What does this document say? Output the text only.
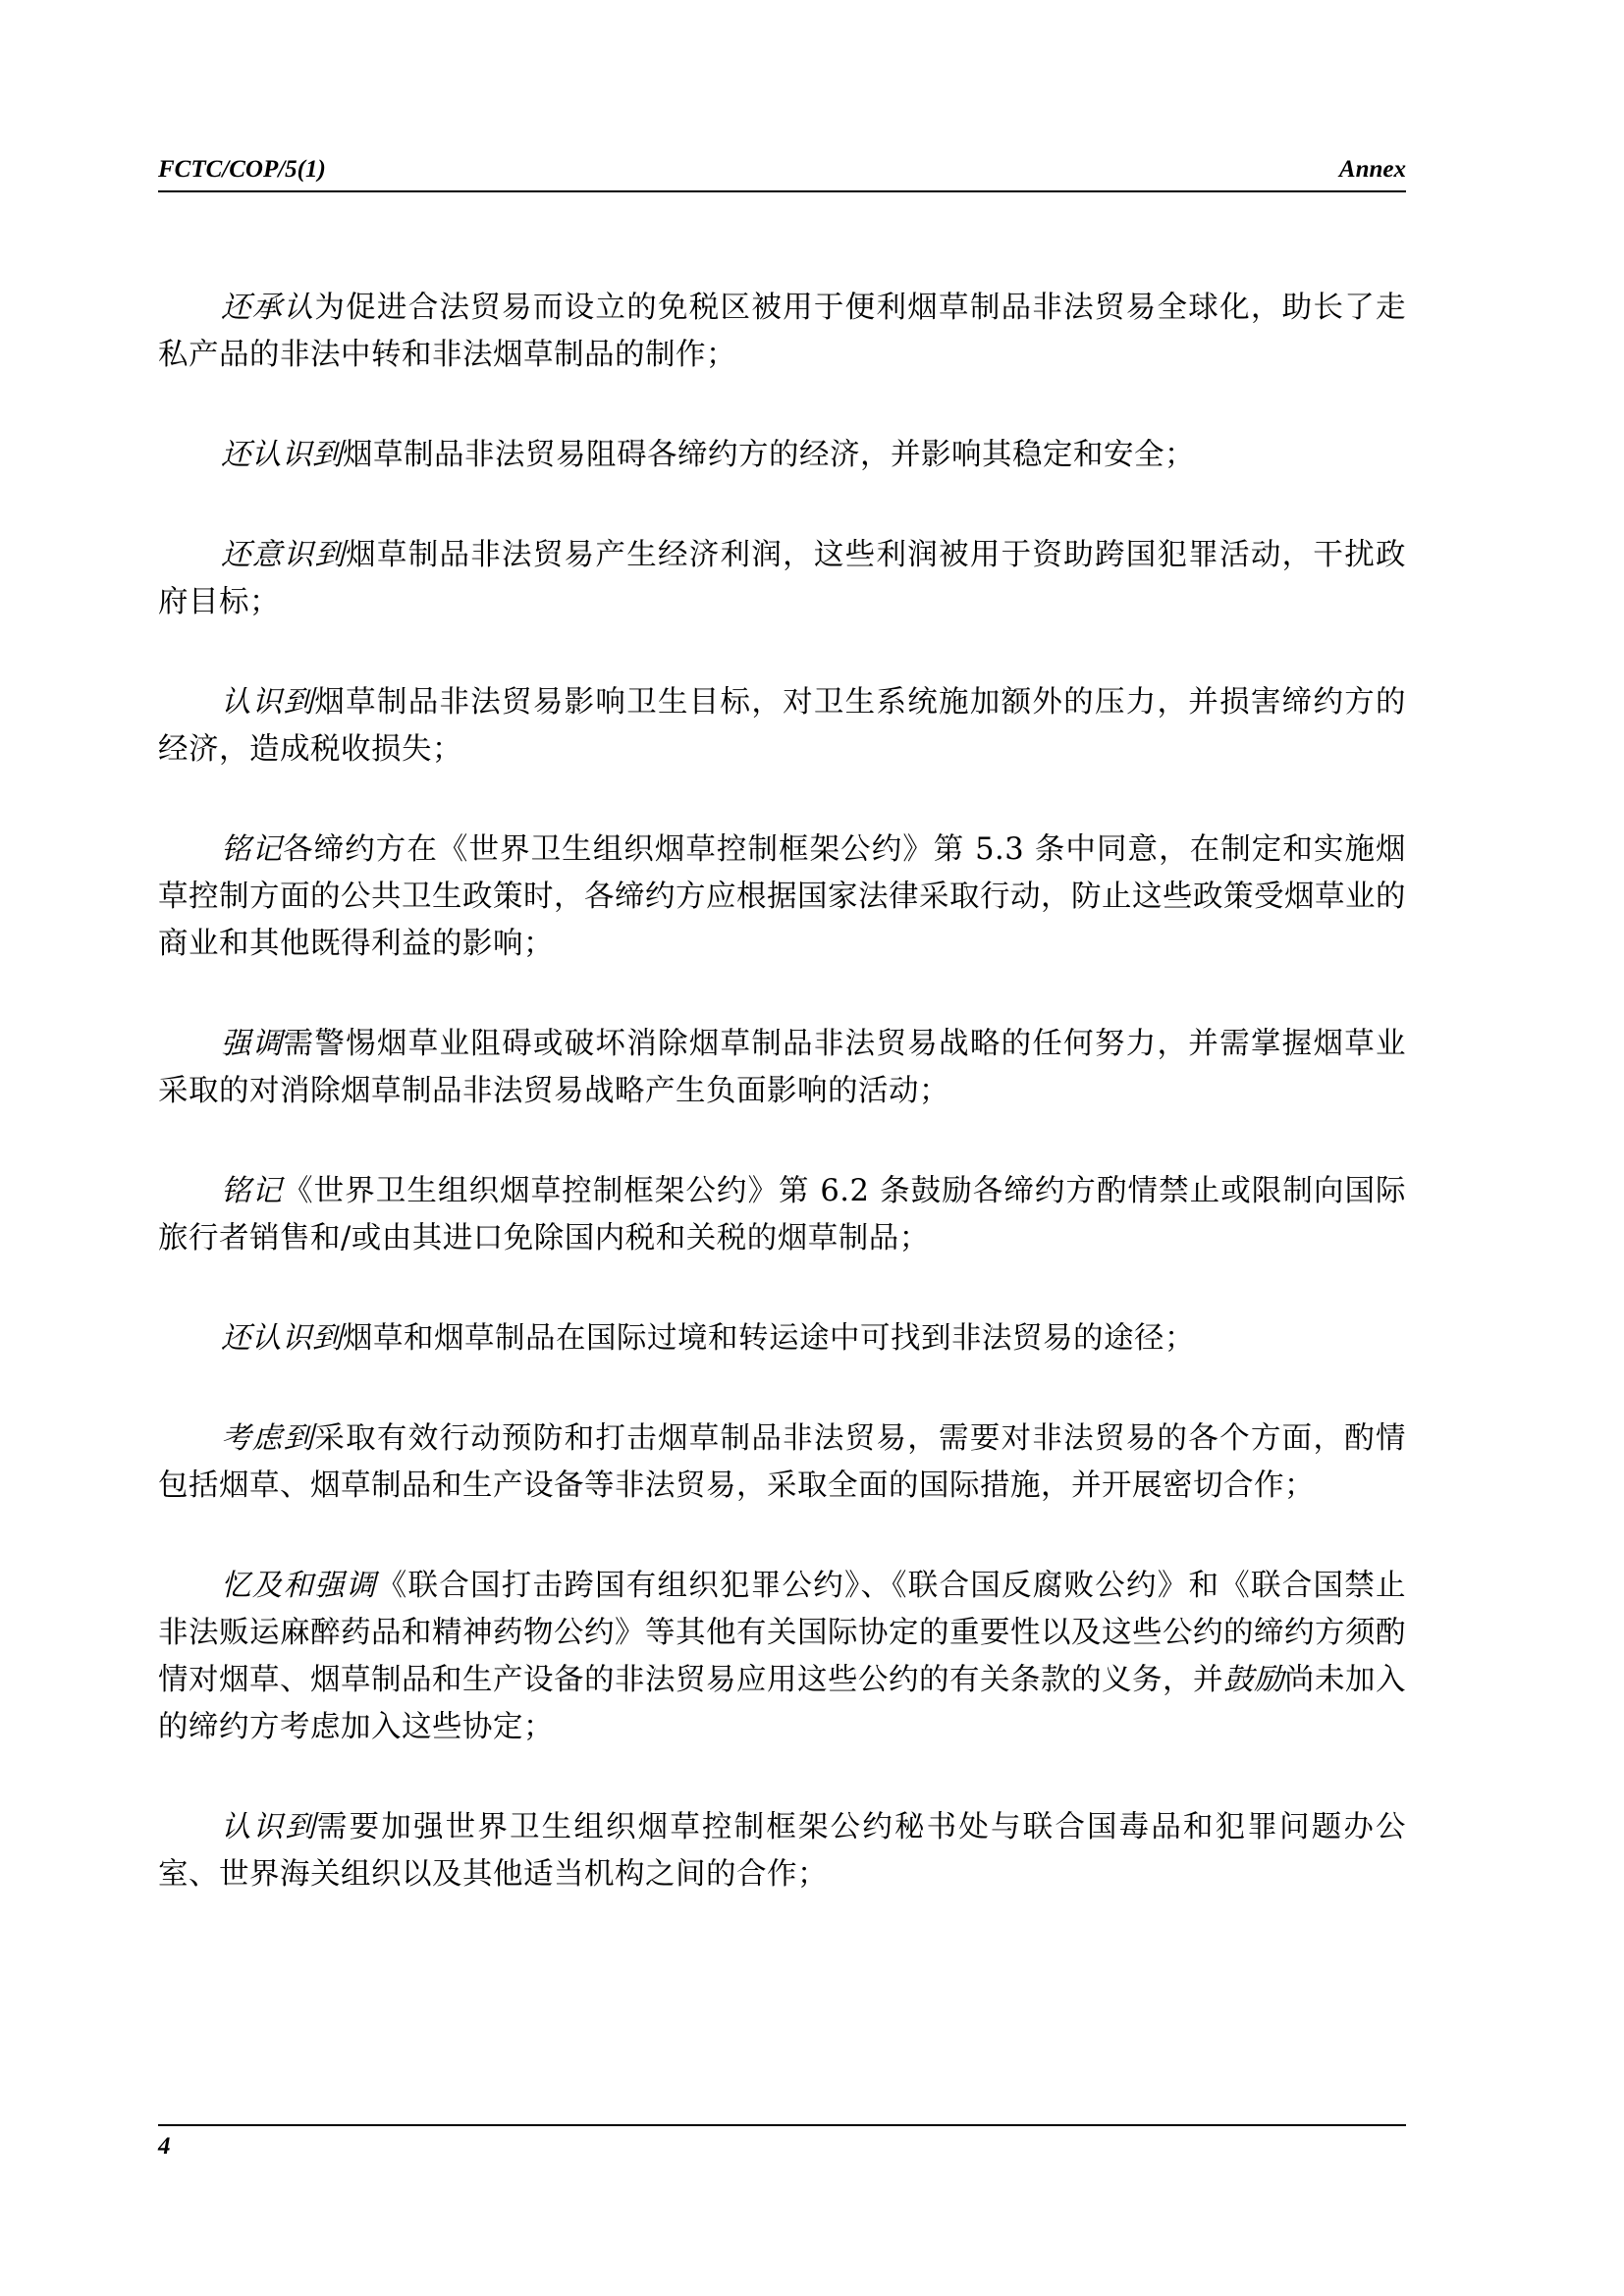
FCTC/COP/5(1)	Annex

还承认为促进合法贸易而设立的免税区被用于便利烟草制品非法贸易全球化，助长了走私产品的非法中转和非法烟草制品的制作；

还认识到烟草制品非法贸易阻碍各缔约方的经济，并影响其稳定和安全；

还意识到烟草制品非法贸易产生经济利润，这些利润被用于资助跨国犯罪活动，干扰政府目标；

认识到烟草制品非法贸易影响卫生目标，对卫生系统施加额外的压力，并损害缔约方的经济，造成税收损失；

铭记各缔约方在《世界卫生组织烟草控制框架公约》第 5.3 条中同意，在制定和实施烟草控制方面的公共卫生政策时，各缔约方应根据国家法律采取行动，防止这些政策受烟草业的商业和其他既得利益的影响；

强调需警惕烟草业阻碍或破坏消除烟草制品非法贸易战略的任何努力，并需掌握烟草业采取的对消除烟草制品非法贸易战略产生负面影响的活动；

铭记《世界卫生组织烟草控制框架公约》第 6.2 条鼓励各缔约方酌情禁止或限制向国际旅行者销售和/或由其进口免除国内税和关税的烟草制品；

还认识到烟草和烟草制品在国际过境和转运途中可找到非法贸易的途径；

考虑到采取有效行动预防和打击烟草制品非法贸易，需要对非法贸易的各个方面，酌情包括烟草、烟草制品和生产设备等非法贸易，采取全面的国际措施，并开展密切合作；

忆及和强调《联合国打击跨国有组织犯罪公约》、《联合国反腐败公约》和《联合国禁止非法贩运麻醉药品和精神药物公约》等其他有关国际协定的重要性以及这些公约的缔约方须酌情对烟草、烟草制品和生产设备的非法贸易应用这些公约的有关条款的义务，并鼓励尚未加入的缔约方考虑加入这些协定；

认识到需要加强世界卫生组织烟草控制框架公约秘书处与联合国毒品和犯罪问题办公室、世界海关组织以及其他适当机构之间的合作；

4
